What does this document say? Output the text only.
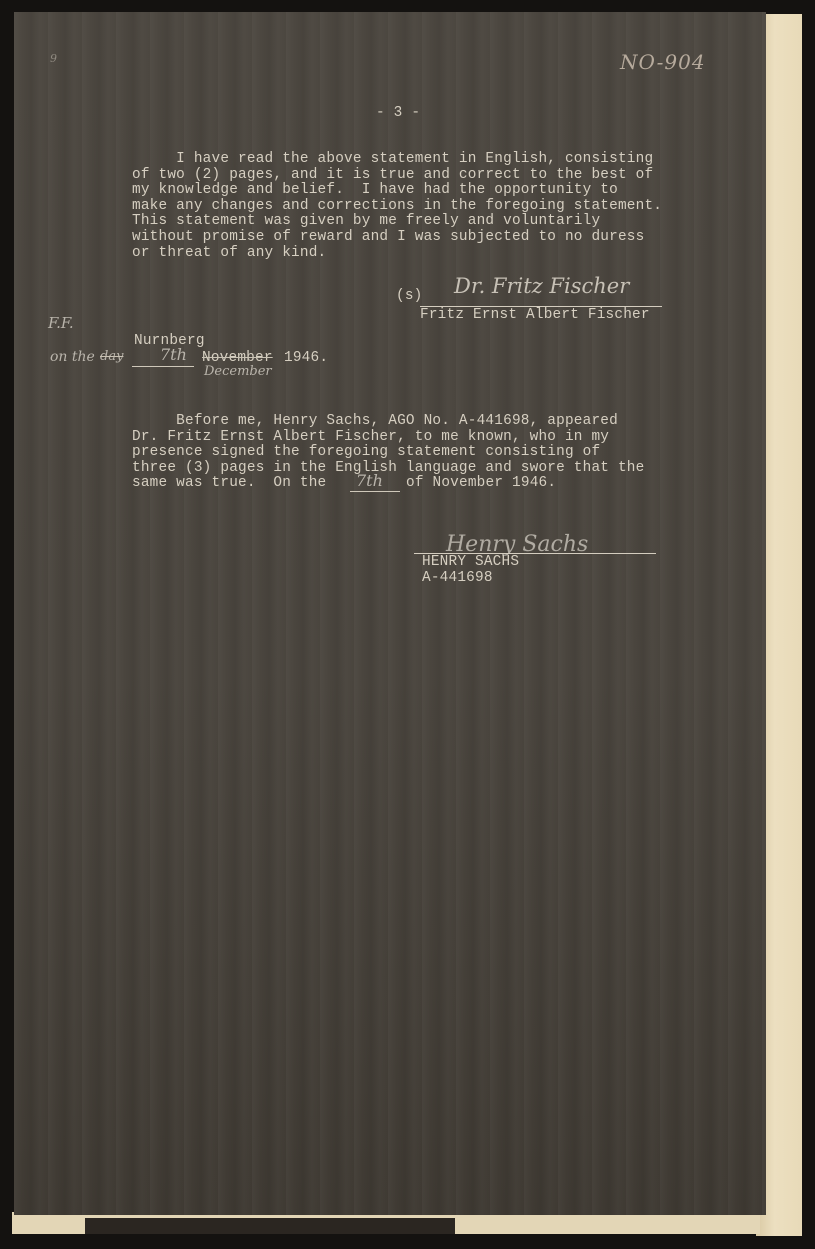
9	NO-904
- 3 -
I have read the above statement in English, consisting
of two (2) pages, and it is true and correct to the best of
my knowledge and belief.  I have had the opportunity to
make any changes and corrections in the foregoing statement.
This statement was given by me freely and voluntarily
without promise of reward and I was subjected to no duress
or threat of any kind.
(s) Dr. Fritz Fischer
Fritz Ernst Albert Fischer
F.F.
Nurnberg
on the day 7th November
December
1946.
Before me, Henry Sachs, AGO No. A-441698, appeared
Dr. Fritz Ernst Albert Fischer, to me known, who in my
presence signed the foregoing statement consisting of
three (3) pages in the English language and swore that the
same was true.  On the 7th of November 1946.
Henry Sachs
HENRY SACHS
A-441698
